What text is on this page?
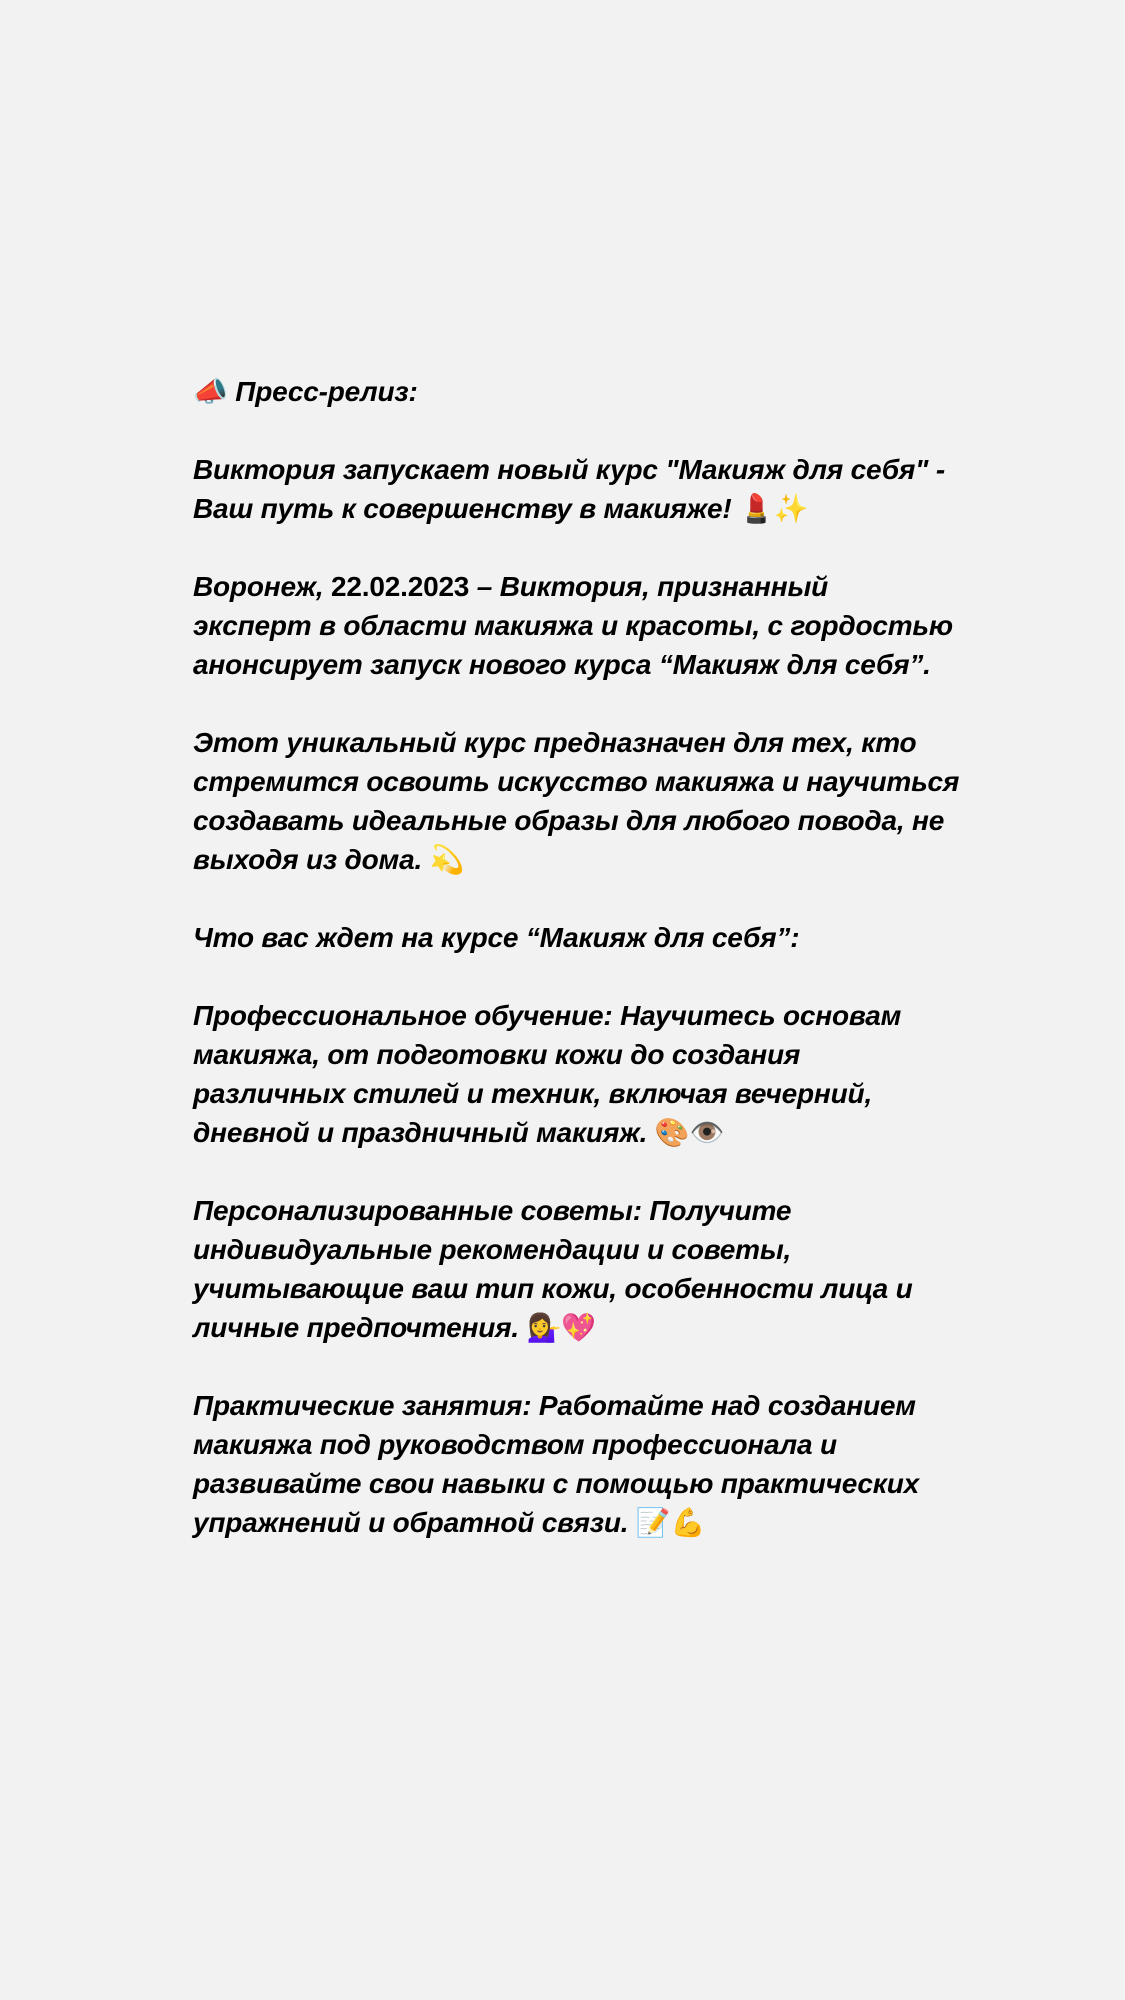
📣 Пресс-релиз:
Виктория запускает новый курс "Макияж для себя" -
Ваш путь к совершенству в макияже! 💄✨
Воронеж, 22.02.2023 – Виктория, признанный
эксперт в области макияжа и красоты, с гордостью
анонсирует запуск нового курса “Макияж для себя”.
Этот уникальный курс предназначен для тех, кто
стремится освоить искусство макияжа и научиться
создавать идеальные образы для любого повода, не
выходя из дома. 💫
Что вас ждет на курсе “Макияж для себя”:
Профессиональное обучение: Научитесь основам
макияжа, от подготовки кожи до создания
различных стилей и техник, включая вечерний,
дневной и праздничный макияж. 🎨👁️
Персонализированные советы: Получите
индивидуальные рекомендации и советы,
учитывающие ваш тип кожи, особенности лица и
личные предпочтения. 💁‍♀️💖
Практические занятия: Работайте над созданием
макияжа под руководством профессионала и
развивайте свои навыки с помощью практических
упражнений и обратной связи. 📝💪
